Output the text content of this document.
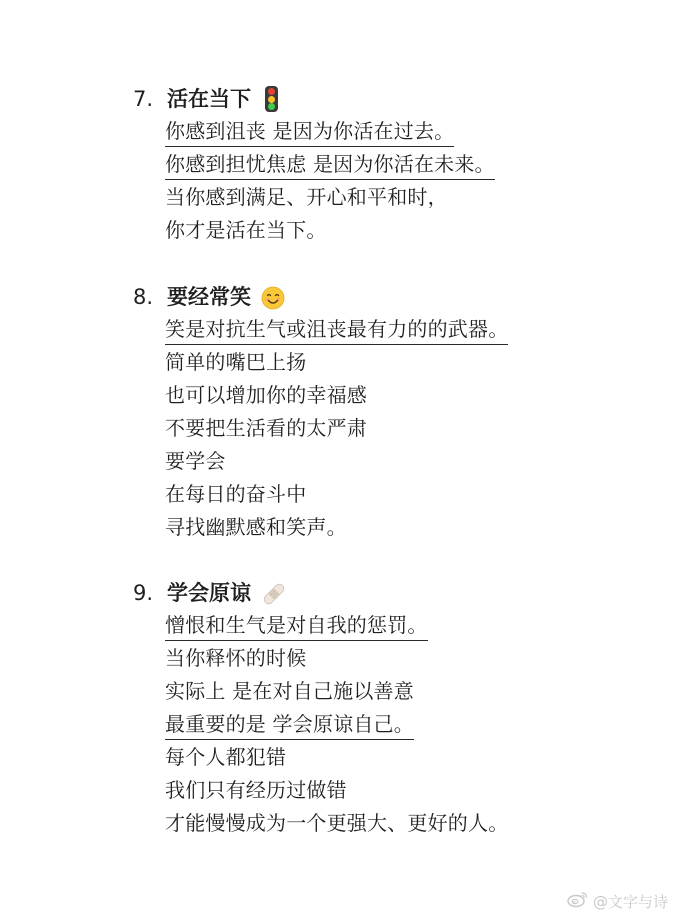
7. 活在当下
你感到沮丧 是因为你活在过去。
你感到担忧焦虑 是因为你活在未来。
当你感到满足、开心和平和时，
你才是活在当下。
8. 要经常笑
笑是对抗生气或沮丧最有力的的武器。
简单的嘴巴上扬
也可以增加你的幸福感
不要把生活看的太严肃
要学会
在每日的奋斗中
寻找幽默感和笑声。
9. 学会原谅
憎恨和生气是对自我的惩罚。
当你释怀的时候
实际上 是在对自己施以善意
最重要的是 学会原谅自己。
每个人都犯错
我们只有经历过做错
才能慢慢成为一个更强大、更好的人。
@文字与诗
